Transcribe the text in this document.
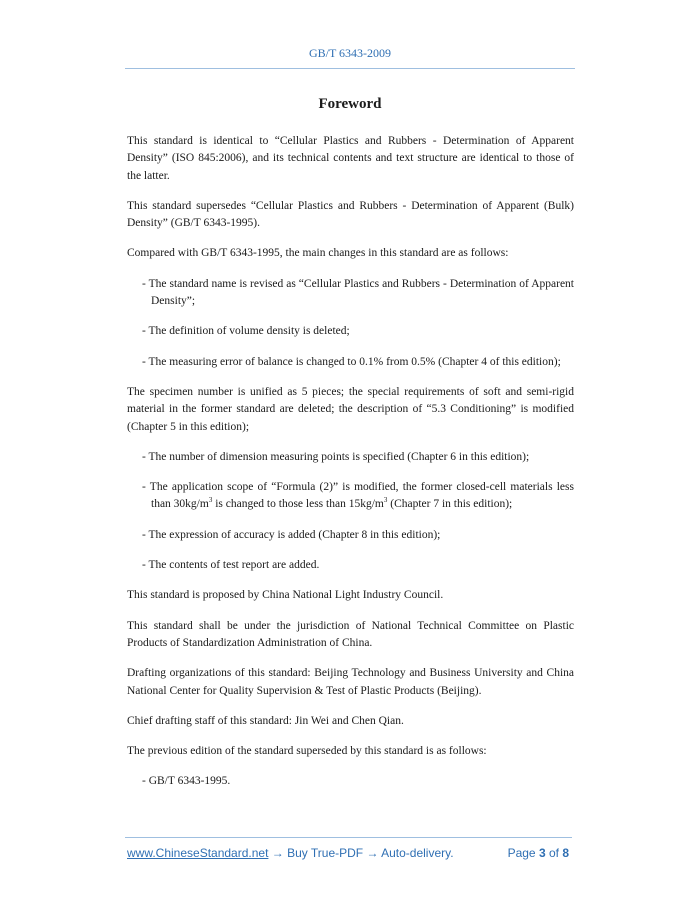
GB/T 6343-2009
Foreword

This standard is identical to “Cellular Plastics and Rubbers - Determination of Apparent Density” (ISO 845:2006), and its technical contents and text structure are identical to those of the latter.

This standard supersedes “Cellular Plastics and Rubbers - Determination of Apparent (Bulk) Density” (GB/T 6343-1995).

Compared with GB/T 6343-1995, the main changes in this standard are as follows:

- The standard name is revised as “Cellular Plastics and Rubbers - Determination of Apparent Density”;

- The definition of volume density is deleted;

- The measuring error of balance is changed to 0.1% from 0.5% (Chapter 4 of this edition);

The specimen number is unified as 5 pieces; the special requirements of soft and semi-rigid material in the former standard are deleted; the description of “5.3 Conditioning” is modified (Chapter 5 in this edition);

- The number of dimension measuring points is specified (Chapter 6 in this edition);

- The application scope of “Formula (2)” is modified, the former closed-cell materials less than $30kg/m^3$ is changed to those less than $15kg/m^3$ (Chapter 7 in this edition);

- The expression of accuracy is added (Chapter 8 in this edition);

- The contents of test report are added.

This standard is proposed by China National Light Industry Council.

This standard shall be under the jurisdiction of National Technical Committee on Plastic Products of Standardization Administration of China.

Drafting organizations of this standard: Beijing Technology and Business University and China National Center for Quality Supervision & Test of Plastic Products (Beijing).

Chief drafting staff of this standard: Jin Wei and Chen Qian.

The previous edition of the standard superseded by this standard is as follows:

- GB/T 6343-1995.

www.ChineseStandard.net → Buy True-PDF → Auto-delivery.	Page 3 of 8
